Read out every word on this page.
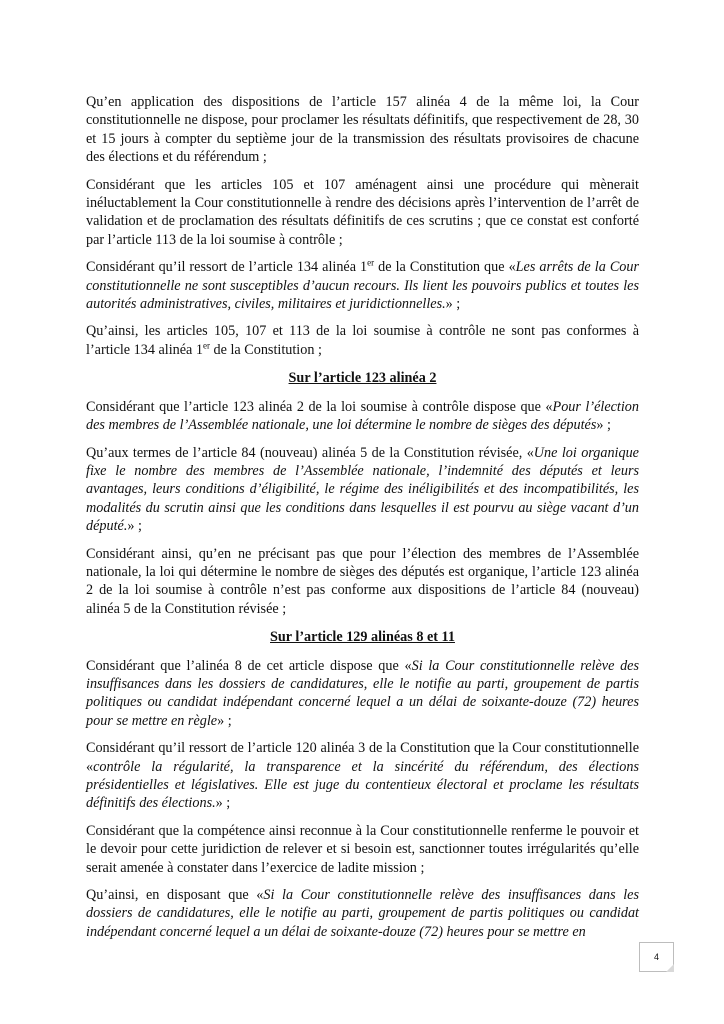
Qu’en application des dispositions de l’article 157 alinéa 4 de la même loi, la Cour constitutionnelle ne dispose, pour proclamer les résultats définitifs, que respectivement de 28, 30 et 15 jours à compter du septième jour de la transmission des résultats provisoires de chacune des élections et du référendum ;

Considérant que les articles 105 et 107 aménagent ainsi une procédure qui mènerait inéluctablement la Cour constitutionnelle à rendre des décisions après l’intervention de l’arrêt de validation et de proclamation des résultats définitifs de ces scrutins ; que ce constat est conforté par l’article 113 de la loi soumise à contrôle ;

Considérant qu’il ressort de l’article 134 alinéa 1er de la Constitution que «Les arrêts de la Cour constitutionnelle ne sont susceptibles d’aucun recours. Ils lient les pouvoirs publics et toutes les autorités administratives, civiles, militaires et juridictionnelles.» ;

Qu’ainsi, les articles 105, 107 et 113 de la loi soumise à contrôle ne sont pas conformes à l’article 134 alinéa 1er de la Constitution ;

Sur l’article 123 alinéa 2

Considérant que l’article 123 alinéa 2 de la loi soumise à contrôle dispose que «Pour l’élection des membres de l’Assemblée nationale, une loi détermine le nombre de sièges des députés» ;

Qu’aux termes de l’article 84 (nouveau) alinéa 5 de la Constitution révisée, «Une loi organique fixe le nombre des membres de l’Assemblée nationale, l’indemnité des députés et leurs avantages, leurs conditions d’éligibilité, le régime des inéligibilités et des incompatibilités, les modalités du scrutin ainsi que les conditions dans lesquelles il est pourvu au siège vacant d’un député.» ;

Considérant ainsi, qu’en ne précisant pas que pour l’élection des membres de l’Assemblée nationale, la loi qui détermine le nombre de sièges des députés est organique, l’article 123 alinéa 2 de la loi soumise à contrôle n’est pas conforme aux dispositions de l’article 84 (nouveau) alinéa 5 de la Constitution révisée ;

Sur l’article 129 alinéas 8 et 11

Considérant que l’alinéa 8 de cet article dispose que «Si la Cour constitutionnelle relève des insuffisances dans les dossiers de candidatures, elle le notifie au parti, groupement de partis politiques ou candidat indépendant concerné lequel a un délai de soixante-douze (72) heures pour se mettre en règle» ;

Considérant qu’il ressort de l’article 120 alinéa 3 de la Constitution que la Cour constitutionnelle «contrôle la régularité, la transparence et la sincérité du référendum, des élections présidentielles et législatives. Elle est juge du contentieux électoral et proclame les résultats définitifs des élections.» ;

Considérant que la compétence ainsi reconnue à la Cour constitutionnelle renferme le pouvoir et le devoir pour cette juridiction de relever et si besoin est, sanctionner toutes irrégularités qu’elle serait amenée à constater dans l’exercice de ladite mission ;

Qu’ainsi, en disposant que «Si la Cour constitutionnelle relève des insuffisances dans les dossiers de candidatures, elle le notifie au parti, groupement de partis politiques ou candidat indépendant concerné lequel a un délai de soixante-douze (72) heures pour se mettre en

4
